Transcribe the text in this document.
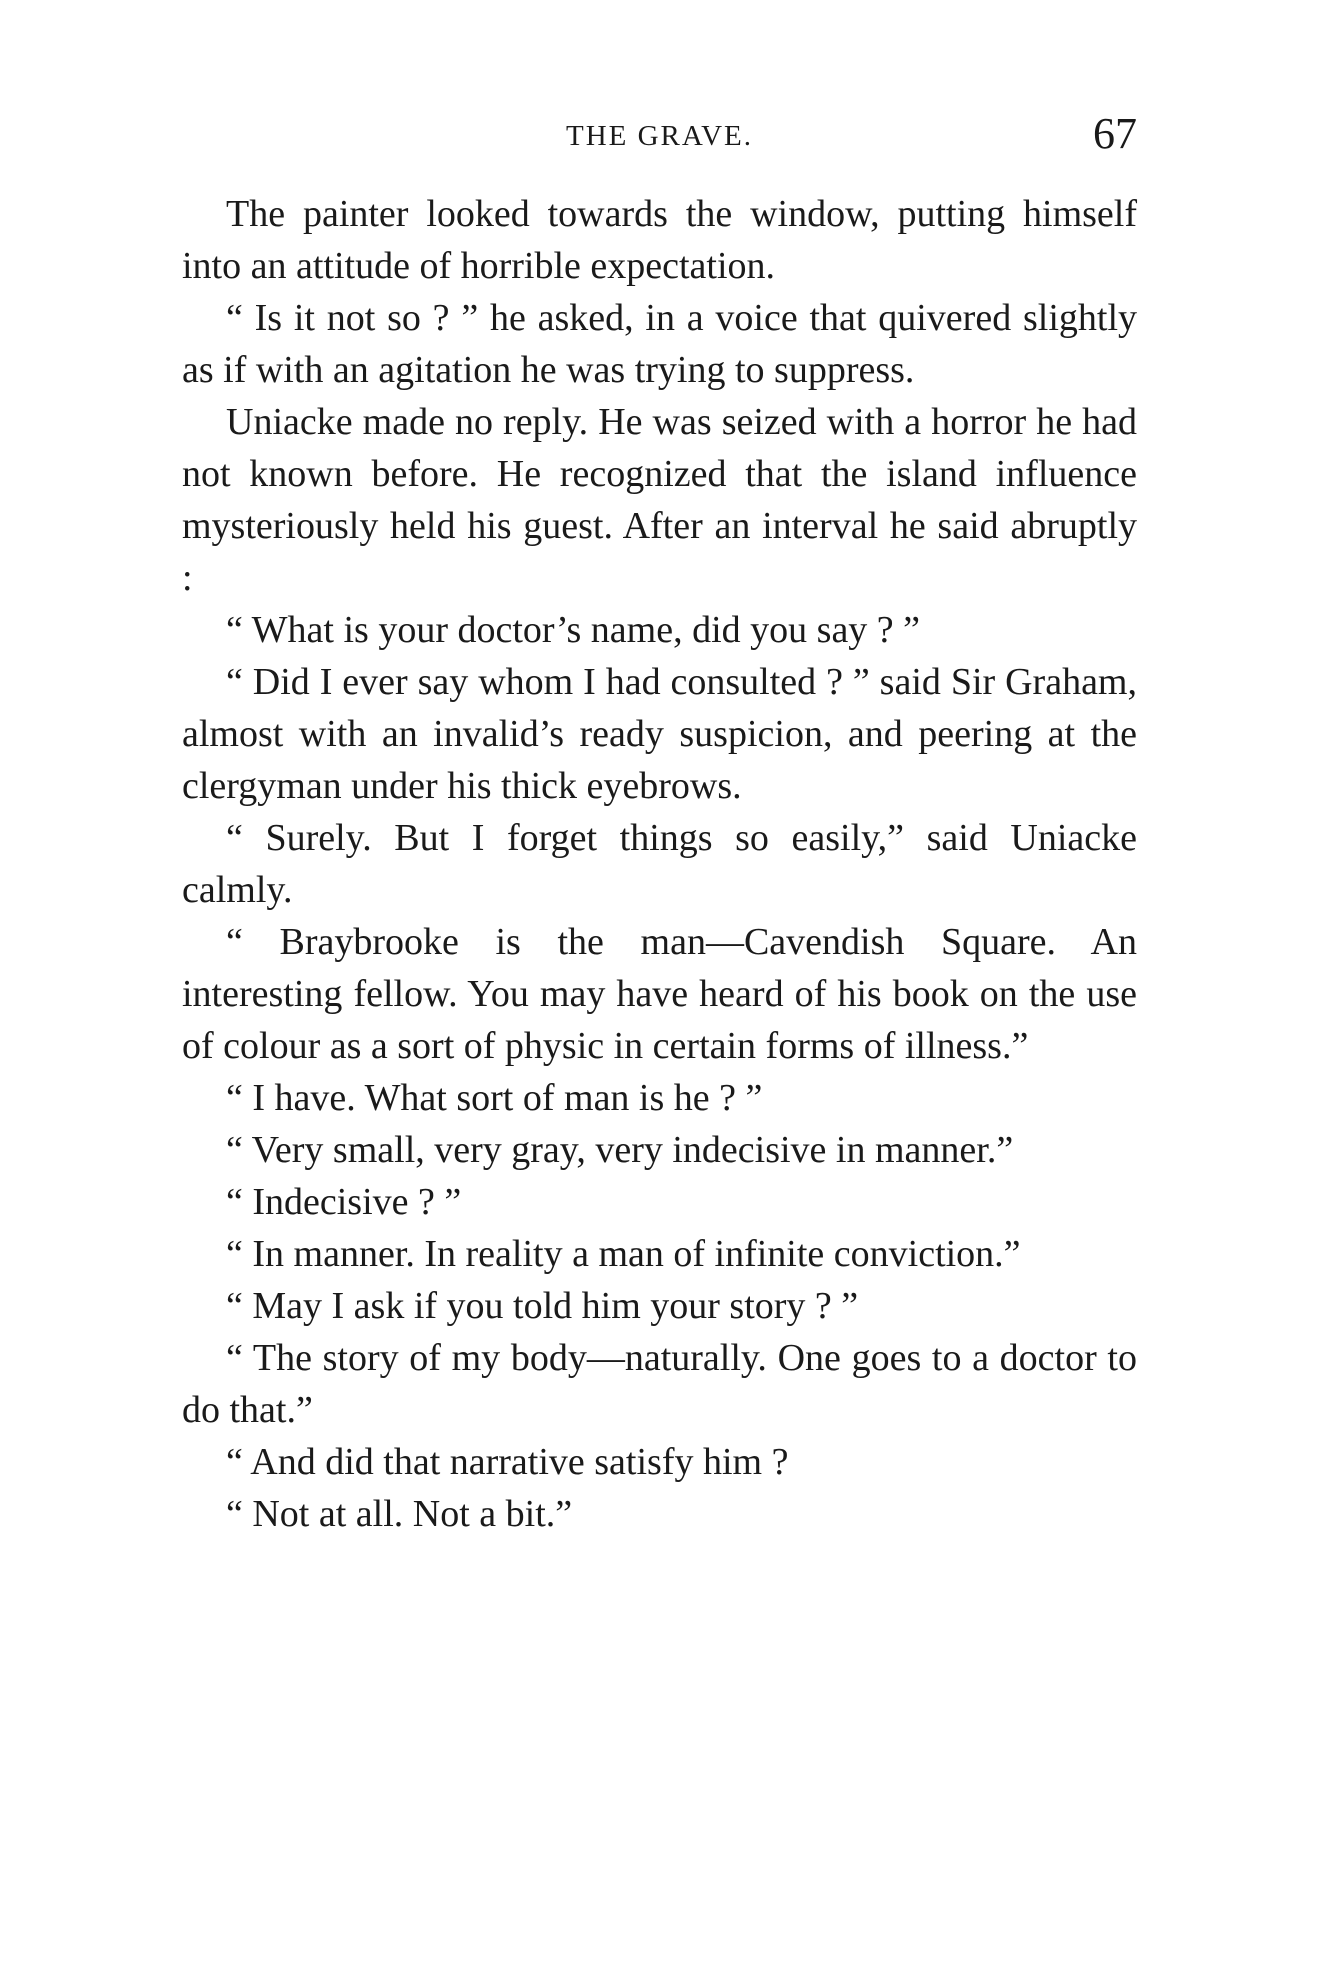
THE GRAVE.	67

The painter looked towards the window, putting himself into an attitude of horrible expectation.

“ Is it not so ? ” he asked, in a voice that quivered slightly as if with an agitation he was trying to suppress.

Uniacke made no reply. He was seized with a horror he had not known before. He recognized that the island influence mysteriously held his guest. After an interval he said abruptly :

“ What is your doctor’s name, did you say ? ”

“ Did I ever say whom I had consulted ? ” said Sir Graham, almost with an invalid’s ready suspicion, and peering at the clergyman under his thick eyebrows.

“ Surely. But I forget things so easily,” said Uniacke calmly.

“ Braybrooke is the man—Cavendish Square. An interesting fellow. You may have heard of his book on the use of colour as a sort of physic in certain forms of illness.”

“ I have. What sort of man is he ? ”

“ Very small, very gray, very indecisive in manner.”

“ Indecisive ? ”

“ In manner. In reality a man of infinite conviction.”

“ May I ask if you told him your story ? ”

“ The story of my body—naturally. One goes to a doctor to do that.”

“ And did that narrative satisfy him ?

“ Not at all. Not a bit.”
